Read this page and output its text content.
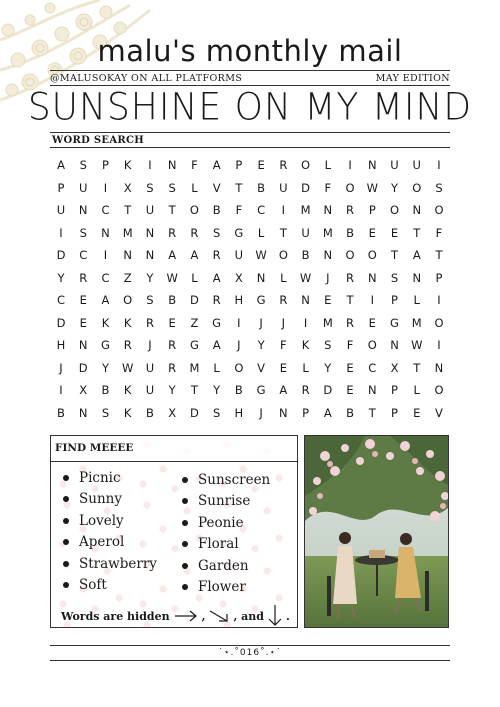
malu's monthly mail
@MALUSOKAY ON ALL PLATFORMS	MAY EDITION
SUNSHINE ON MY MIND
WORD SEARCH
A	S	P	K	I	N	F	A	P	E	R	O	L	I	N	U	U	I
P	U	I	X	S	S	L	V	T	B	U	D	F	O	W	Y	O	S
U	N	C	T	U	T	O	B	F	C	I	M	N	R	P	O	N	O
I	S	N	M	N	R	R	S	G	L	T	U	M	B	E	E	T	F
D	C	I	N	N	A	A	R	U	W	O	B	N	O	O	T	A	T
Y	R	C	Z	Y	W	L	A	X	N	L	W	J	R	N	S	N	P
C	E	A	O	S	B	D	R	H	G	R	N	E	T	I	P	L	I
D	E	K	K	R	E	Z	G	I	J	J	I	M	R	E	G	M	O
H	N	G	R	J	R	G	A	J	Y	F	K	S	F	O	N	W	I
J	D	Y	W	U	R	M	L	O	V	E	L	Y	E	C	X	T	N
I	X	B	K	U	Y	T	Y	B	G	A	R	D	E	N	P	L	O
B	N	S	K	B	X	D	S	H	J	N	P	A	B	T	P	E	V
FIND MEEEE
Picnic
Sunny
Lovely
Aperol
Strawberry
Soft
Sunscreen
Sunrise
Peonie
Floral
Garden
Flower
Words are hidden	,	, and .
˙⋆.˚016˚.⋆˙
